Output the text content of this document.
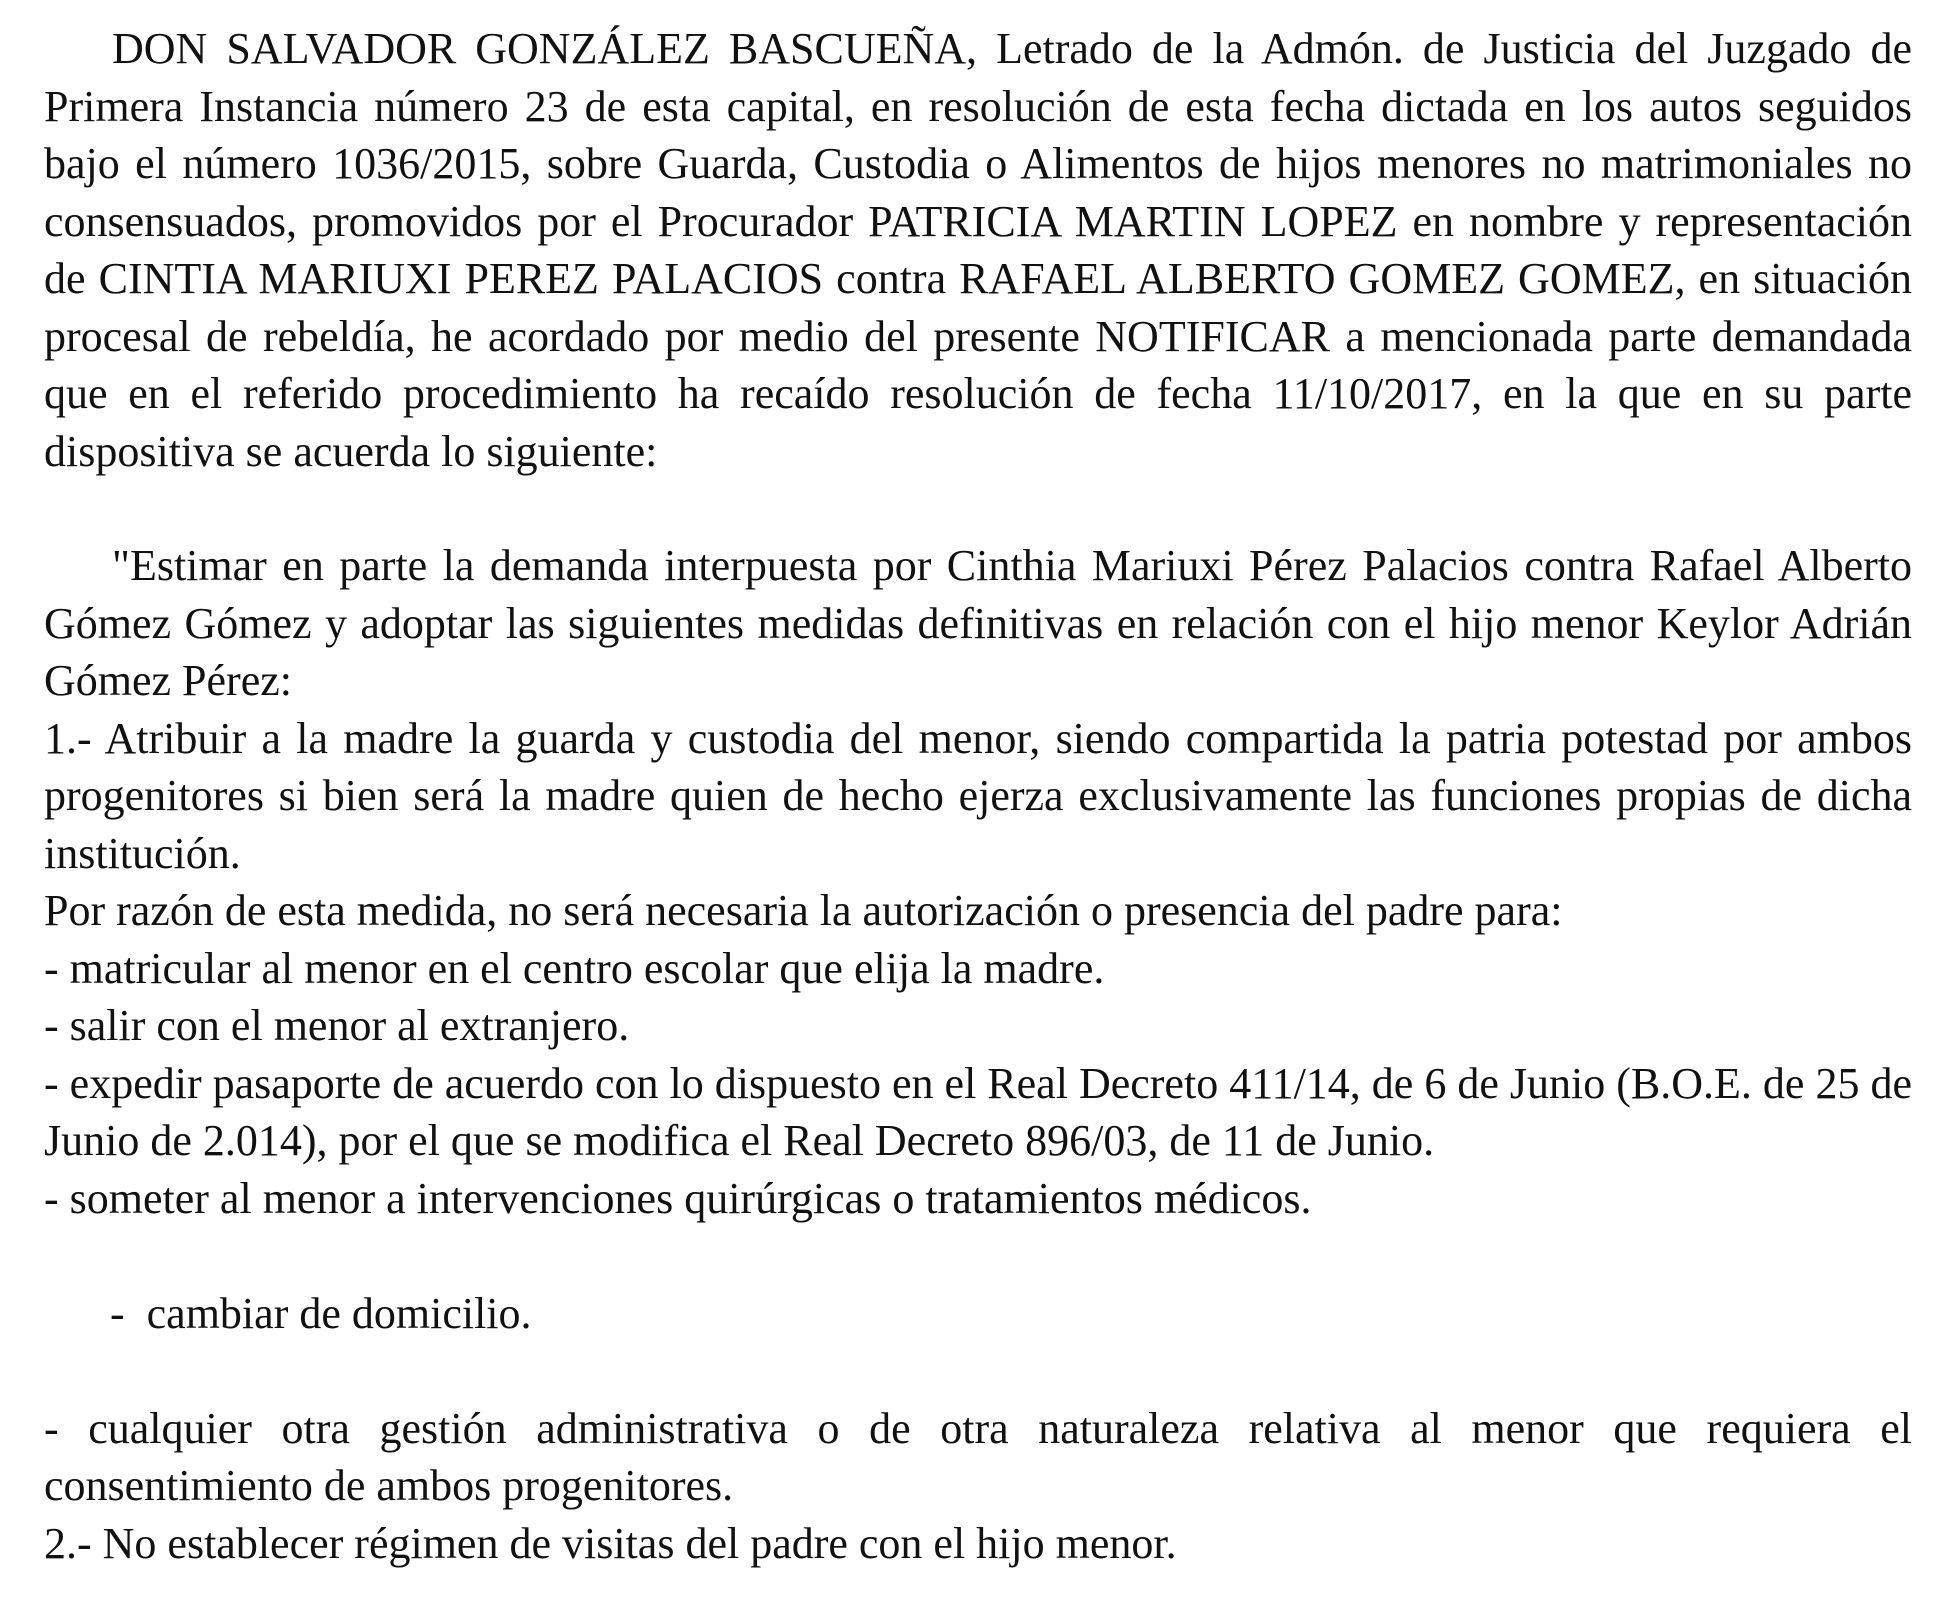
DON SALVADOR GONZÁLEZ BASCUEÑA, Letrado de la Admón. de Justicia del Juzgado de Primera Instancia número 23 de esta capital, en resolución de esta fecha dictada en los autos seguidos bajo el número 1036/2015, sobre Guarda, Custodia o Alimentos de hijos menores no matrimoniales no consensuados, promovidos por el Procurador PATRICIA MARTIN LOPEZ en nombre y representación de CINTIA MARIUXI PEREZ PALACIOS contra RAFAEL ALBERTO GOMEZ GOMEZ, en situación procesal de rebeldía, he acordado por medio del presente NOTIFICAR a mencionada parte demandada que en el referido procedimiento ha recaído resolución de fecha 11/10/2017, en la que en su parte dispositiva se acuerda lo siguiente:

"Estimar en parte la demanda interpuesta por Cinthia Mariuxi Pérez Palacios contra Rafael Alberto Gómez Gómez y adoptar las siguientes medidas definitivas en relación con el hijo menor Keylor Adrián Gómez Pérez:

1.- Atribuir a la madre la guarda y custodia del menor, siendo compartida la patria potestad por ambos progenitores si bien será la madre quien de hecho ejerza exclusivamente las funciones propias de dicha institución.

Por razón de esta medida, no será necesaria la autorización o presencia del padre para:

- matricular al menor en el centro escolar que elija la madre.

- salir con el menor al extranjero.

- expedir pasaporte de acuerdo con lo dispuesto en el Real Decreto 411/14, de 6 de Junio (B.O.E. de 25 de Junio de 2.014), por el que se modifica el Real Decreto 896/03, de 11 de Junio.

- someter al menor a intervenciones quirúrgicas o tratamientos médicos.

-  cambiar de domicilio.

- cualquier otra gestión administrativa o de otra naturaleza relativa al menor que requiera el consentimiento de ambos progenitores.

2.- No establecer régimen de visitas del padre con el hijo menor.
